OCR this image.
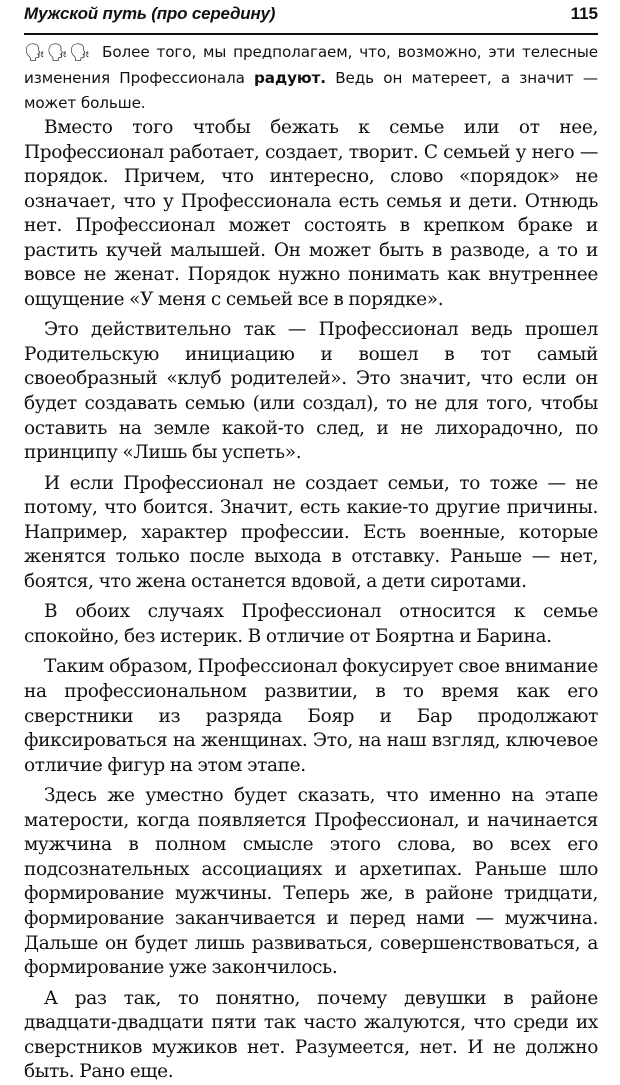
Мужской путь (про середину)	115
🗣🗣🗣 Более того, мы предполагаем, что, возможно, эти телесные изменения Профессионала радуют. Ведь он матереет, а значит — может больше.

Вместо того чтобы бежать к семье или от нее, Профессионал работает, создает, творит. С семьей у него — порядок. Причем, что интересно, слово «порядок» не означает, что у Профессионала есть семья и дети. Отнюдь нет. Профессионал может состоять в крепком браке и растить кучей малышей. Он может быть в разводе, а то и вовсе не женат. Порядок нужно понимать как внутреннее ощущение «У меня с семьей все в порядке».

Это действительно так — Профессионал ведь прошел Родительскую инициацию и вошел в тот самый своеобразный «клуб родителей». Это значит, что если он будет создавать семью (или создал), то не для того, чтобы оставить на земле какой-то след, и не лихорадочно, по принципу «Лишь бы успеть».

И если Профессионал не создает семьи, то тоже — не потому, что боится. Значит, есть какие-то другие причины. Например, характер профессии. Есть военные, которые женятся только после выхода в отставку. Раньше — нет, боятся, что жена останется вдовой, а дети сиротами.

В обоих случаях Профессионал относится к семье спокойно, без истерик. В отличие от Бояртна и Барина.

Таким образом, Профессионал фокусирует свое внимание на профессиональном развитии, в то время как его сверстники из разряда Бояр и Бар продолжают фиксироваться на женщинах. Это, на наш взгляд, ключевое отличие фигур на этом этапе.

Здесь же уместно будет сказать, что именно на этапе матерости, когда появляется Профессионал, и начинается мужчина в полном смысле этого слова, во всех его подсознательных ассоциациях и архетипах. Раньше шло формирование мужчины. Теперь же, в районе тридцати, формирование заканчивается и перед нами — мужчина. Дальше он будет лишь развиваться, совершенствоваться, а формирование уже закончилось.

А раз так, то понятно, почему девушки в районе двадцати-двадцати пяти так часто жалуются, что среди их сверстников мужиков нет. Разумеется, нет. И не должно быть. Рано еще.
